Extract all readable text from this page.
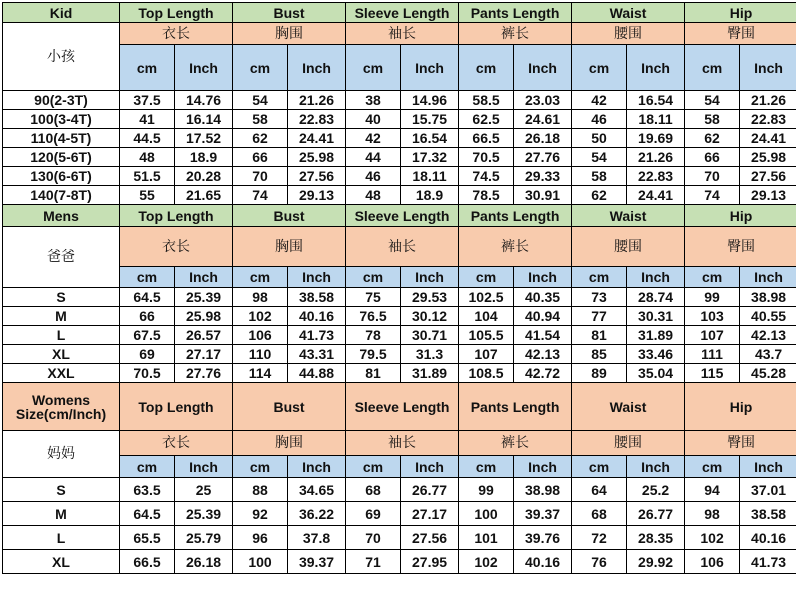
Kid	Top Length		Bust		Sleeve Length		Pants Length		Waist		Hip	
小孩	衣长		胸围		袖长		裤长		腰围		臀围	
	cm	Inch	cm	Inch	cm	Inch	cm	Inch	cm	Inch	cm	Inch
90(2-3T)	37.5	14.76	54	21.26	38	14.96	58.5	23.03	42	16.54	54	21.26
100(3-4T)	41	16.14	58	22.83	40	15.75	62.5	24.61	46	18.11	58	22.83
110(4-5T)	44.5	17.52	62	24.41	42	16.54	66.5	26.18	50	19.69	62	24.41
120(5-6T)	48	18.9	66	25.98	44	17.32	70.5	27.76	54	21.26	66	25.98
130(6-6T)	51.5	20.28	70	27.56	46	18.11	74.5	29.33	58	22.83	70	27.56
140(7-8T)	55	21.65	74	29.13	48	18.9	78.5	30.91	62	24.41	74	29.13
Mens	Top Length		Bust		Sleeve Length		Pants Length		Waist		Hip	
爸爸	衣长		胸围		袖长		裤长		腰围		臀围	
	cm	Inch	cm	Inch	cm	Inch	cm	Inch	cm	Inch	cm	Inch
S	64.5	25.39	98	38.58	75	29.53	102.5	40.35	73	28.74	99	38.98
M	66	25.98	102	40.16	76.5	30.12	104	40.94	77	30.31	103	40.55
L	67.5	26.57	106	41.73	78	30.71	105.5	41.54	81	31.89	107	42.13
XL	69	27.17	110	43.31	79.5	31.3	107	42.13	85	33.46	111	43.7
XXL	70.5	27.76	114	44.88	81	31.89	108.5	42.72	89	35.04	115	45.28

Womens
Size(cm/Inch)	Top Length		Bust		Sleeve Length		Pants Length		Waist		Hip	
妈妈	衣长		胸围		袖长		裤长		腰围		臀围	
	cm	Inch	cm	Inch	cm	Inch	cm	Inch	cm	Inch	cm	Inch
S	63.5	25	88	34.65	68	26.77	99	38.98	64	25.2	94	37.01
M	64.5	25.39	92	36.22	69	27.17	100	39.37	68	26.77	98	38.58
L	65.5	25.79	96	37.8	70	27.56	101	39.76	72	28.35	102	40.16
XL	66.5	26.18	100	39.37	71	27.95	102	40.16	76	29.92	106	41.73
